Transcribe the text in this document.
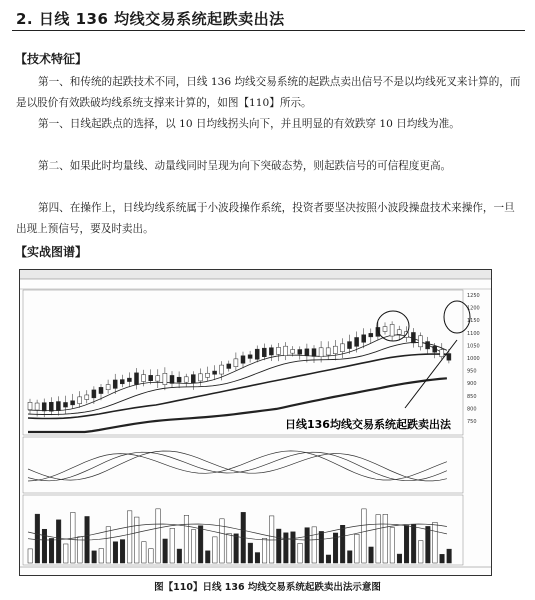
2. 日线 136 均线交易系统起跌卖出法
【技术特征】
第一、和传统的起跌技术不同，日线 136 均线交易系统的起跌点卖出信号不是以均线死叉来计算的，而是以股价有效跌破均线系统支撑来计算的，如图【110】所示。
第一、日线起跌点的选择，以 10 日均线拐头向下，并且明显的有效跌穿 10 日均线为准。
第二、如果此时均量线、动量线同时呈现为向下突破态势，则起跌信号的可信程度更高。
第四、在操作上，日线均线系统属于小波段操作系统，投资者要坚决按照小波段操盘技术来操作，一旦出现上预信号，要及时卖出。
【实战图谱】
1250
1200
1150
1100
1050
1000
950
900
850
800
750
日线136均线交易系统起跌卖出法
图【110】日线 136 均线交易系统起跌卖出法示意图
